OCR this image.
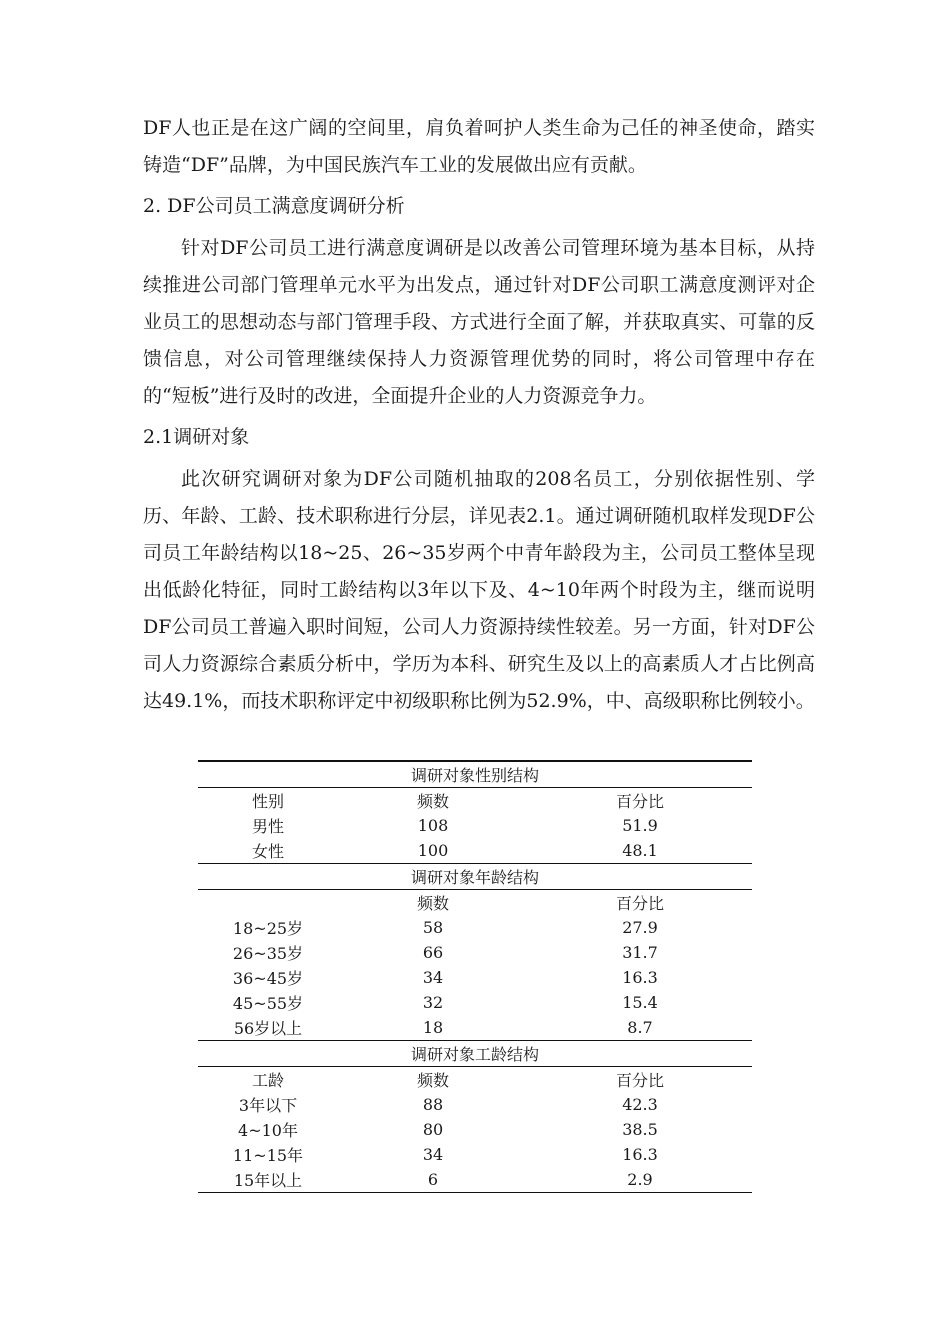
DF人也正是在这广阔的空间里，肩负着呵护人类生命为己任的神圣使命，踏实铸造“DF”品牌，为中国民族汽车工业的发展做出应有贡献。

2. DF公司员工满意度调研分析

针对DF公司员工进行满意度调研是以改善公司管理环境为基本目标，从持续推进公司部门管理单元水平为出发点，通过针对DF公司职工满意度测评对企业员工的思想动态与部门管理手段、方式进行全面了解，并获取真实、可靠的反馈信息，对公司管理继续保持人力资源管理优势的同时，将公司管理中存在的“短板”进行及时的改进，全面提升企业的人力资源竞争力。

2.1调研对象

此次研究调研对象为DF公司随机抽取的208名员工，分别依据性别、学历、年龄、工龄、技术职称进行分层，详见表2.1。通过调研随机取样发现DF公司员工年龄结构以18~25、26~35岁两个中青年龄段为主，公司员工整体呈现出低龄化特征，同时工龄结构以3年以下及、4~10年两个时段为主，继而说明DF公司员工普遍入职时间短，公司人力资源持续性较差。另一方面，针对DF公司人力资源综合素质分析中，学历为本科、研究生及以上的高素质人才占比例高达49.1%，而技术职称评定中初级职称比例为52.9%，中、高级职称比例较小。

调研对象性别结构		
性别	频数	百分比
男性	108	51.9
女性	100	48.1
调研对象年龄结构		
	频数	百分比
18~25岁	58	27.9
26~35岁	66	31.7
36~45岁	34	16.3
45~55岁	32	15.4
56岁以上	18	8.7
调研对象工龄结构		
工龄	频数	百分比
3年以下	88	42.3
4~10年	80	38.5
11~15年	34	16.3
15年以上	6	2.9
